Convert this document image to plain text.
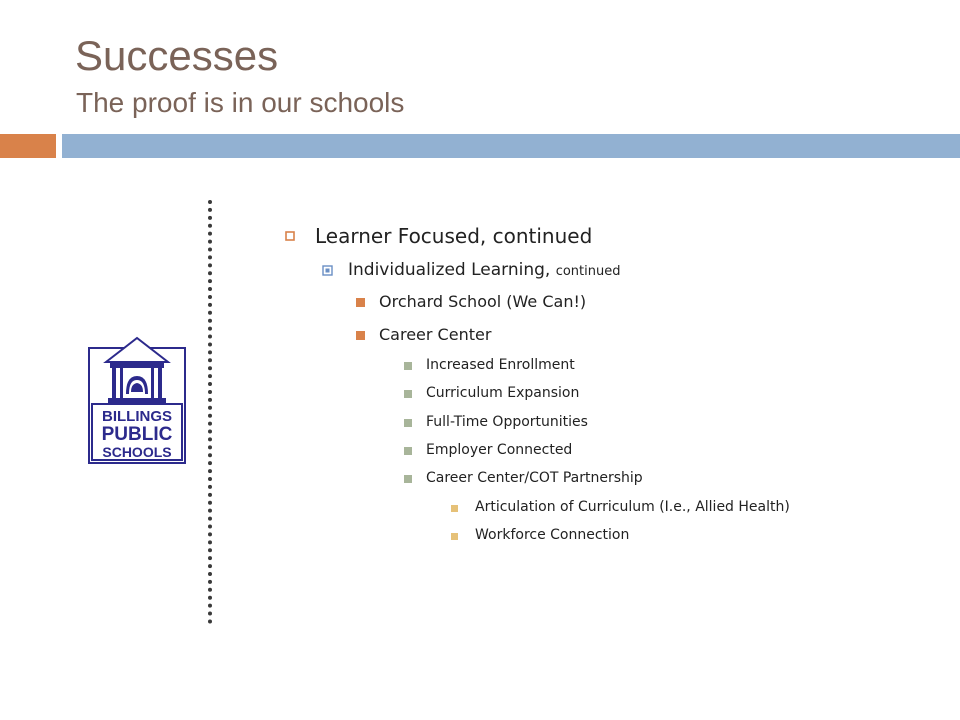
Successes
The proof is in our schools
BILLINGS
PUBLIC
SCHOOLS
Learner Focused, continued
Individualized Learning, continued
Orchard School (We Can!)
Career Center
Increased Enrollment
Curriculum Expansion
Full-Time Opportunities
Employer Connected
Career Center/COT Partnership
Articulation of Curriculum (I.e., Allied Health)
Workforce Connection
